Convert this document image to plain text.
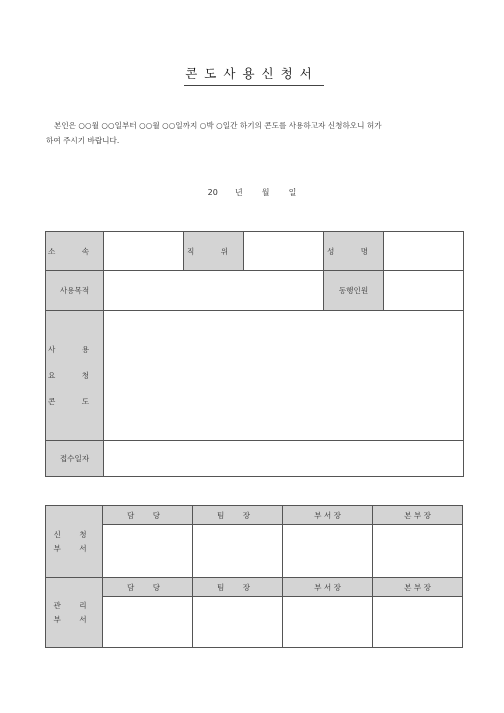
콘도사용신청서
본인은 ○○월 ○○일부터 ○○월 ○○일까지 ○박 ○일간 하기의 콘도를 사용하고자 신청하오니 허가
하여 주시기 바랍니다.
20 년 월 일
소 속		직 위		성 명	
사용목적				동행인원	

사 용
요 청
콘 도					

접수일자					
신 청
부 서	담 당	팀 장	부 서 장	본 부 장

관 리
부 서	담 당	팀 장	부 서 장	본 부 장
